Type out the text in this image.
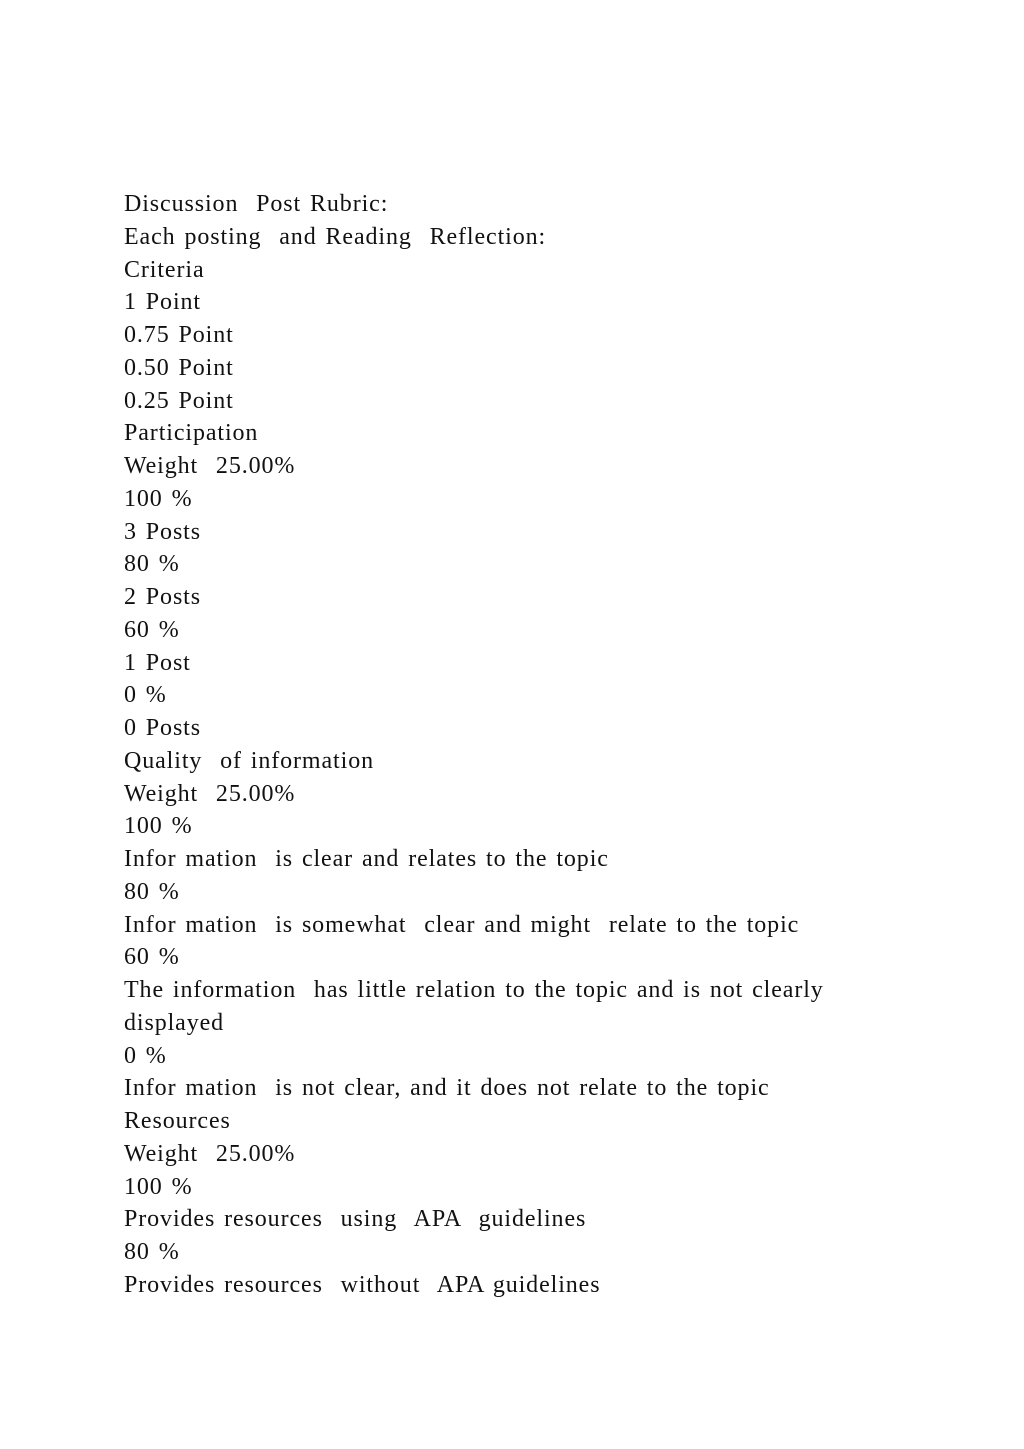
Discussion  Post Rubric:
Each posting  and Reading  Reflection:
Criteria
1 Point
0.75 Point
0.50 Point
0.25 Point
Participation
Weight  25.00%
100 %
3 Posts
80 %
2 Posts
60 %
1 Post
0 %
0 Posts
Quality  of information
Weight  25.00%
100 %
Infor mation  is clear and relates to the topic
80 %
Infor mation  is somewhat  clear and might  relate to the topic
60 %
The information  has little relation to the topic and is not clearly
displayed
0 %
Infor mation  is not clear, and it does not relate to the topic
Resources
Weight  25.00%
100 %
Provides resources  using  APA  guidelines
80 %
Provides resources  without  APA guidelines
